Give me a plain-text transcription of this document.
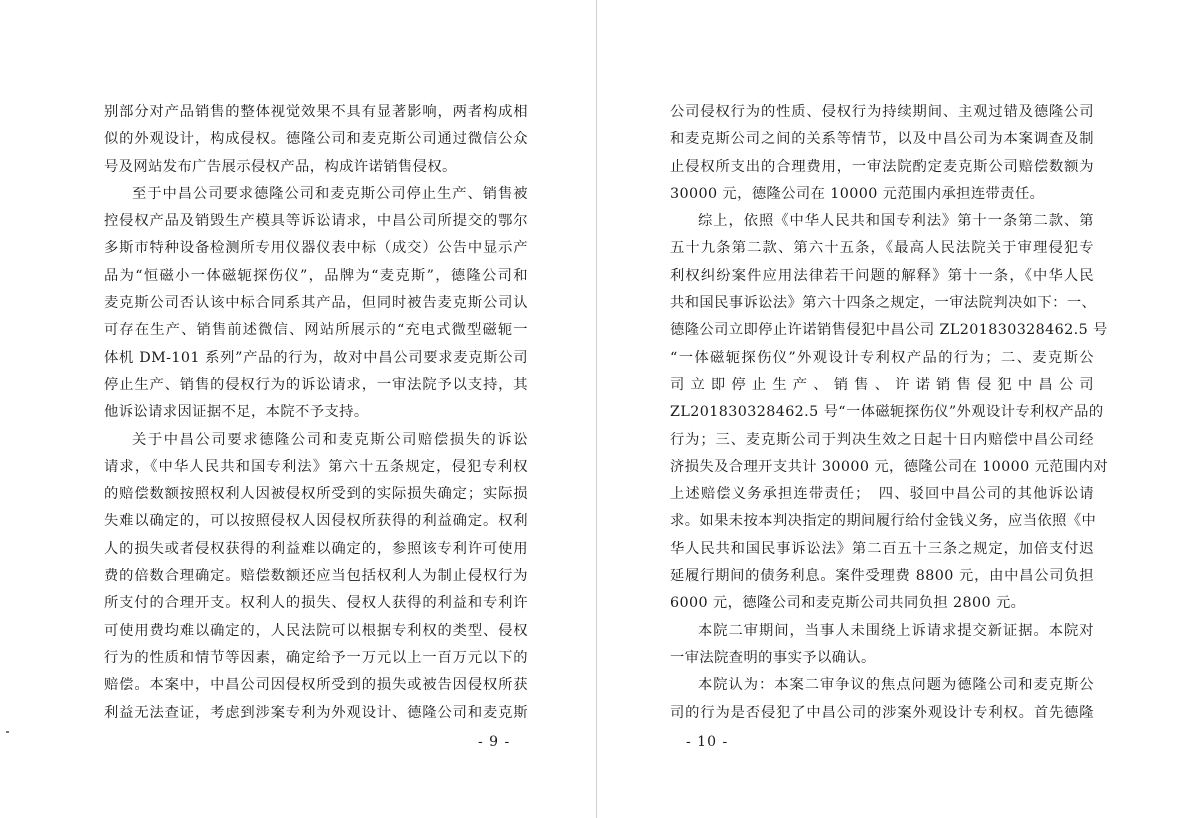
别部分对产品销售的整体视觉效果不具有显著影响，两者构成相
似的外观设计，构成侵权。德隆公司和麦克斯公司通过微信公众
号及网站发布广告展示侵权产品，构成许诺销售侵权。
至于中昌公司要求德隆公司和麦克斯公司停止生产、销售被
控侵权产品及销毁生产模具等诉讼请求，中昌公司所提交的鄂尔
多斯市特种设备检测所专用仪器仪表中标（成交）公告中显示产
品为“恒磁小一体磁轭探伤仪”，品牌为“麦克斯”，德隆公司和
麦克斯公司否认该中标合同系其产品，但同时被告麦克斯公司认
可存在生产、销售前述微信、网站所展示的“充电式微型磁轭一
体机 DM-101 系列”产品的行为，故对中昌公司要求麦克斯公司
停止生产、销售的侵权行为的诉讼请求，一审法院予以支持，其
他诉讼请求因证据不足，本院不予支持。
关于中昌公司要求德隆公司和麦克斯公司赔偿损失的诉讼
请求，《中华人民共和国专利法》第六十五条规定，侵犯专利权
的赔偿数额按照权利人因被侵权所受到的实际损失确定；实际损
失难以确定的，可以按照侵权人因侵权所获得的利益确定。权利
人的损失或者侵权获得的利益难以确定的，参照该专利许可使用
费的倍数合理确定。赔偿数额还应当包括权利人为制止侵权行为
所支付的合理开支。权利人的损失、侵权人获得的利益和专利许
可使用费均难以确定的，人民法院可以根据专利权的类型、侵权
行为的性质和情节等因素，确定给予一万元以上一百万元以下的
赔偿。本案中，中昌公司因侵权所受到的损失或被告因侵权所获
利益无法查证，考虑到涉案专利为外观设计、德隆公司和麦克斯
- 9 -
公司侵权行为的性质、侵权行为持续期间、主观过错及德隆公司
和麦克斯公司之间的关系等情节，以及中昌公司为本案调查及制
止侵权所支出的合理费用，一审法院酌定麦克斯公司赔偿数额为
30000 元，德隆公司在 10000 元范围内承担连带责任。
综上，依照《中华人民共和国专利法》第十一条第二款、第
五十九条第二款、第六十五条，《最高人民法院关于审理侵犯专
利权纠纷案件应用法律若干问题的解释》第十一条，《中华人民
共和国民事诉讼法》第六十四条之规定，一审法院判决如下：一、
德隆公司立即停止许诺销售侵犯中昌公司 ZL201830328462.5 号
“一体磁轭探伤仪”外观设计专利权产品的行为；二、麦克斯公
司立即停止生产、销售、许诺销售侵犯中昌公司
ZL201830328462.5 号“一体磁轭探伤仪”外观设计专利权产品的
行为；三、麦克斯公司于判决生效之日起十日内赔偿中昌公司经
济损失及合理开支共计 30000 元，德隆公司在 10000 元范围内对
上述赔偿义务承担连带责任；　四、驳回中昌公司的其他诉讼请
求。如果未按本判决指定的期间履行给付金钱义务，应当依照《中
华人民共和国民事诉讼法》第二百五十三条之规定，加倍支付迟
延履行期间的债务利息。案件受理费 8800 元，由中昌公司负担
6000 元，德隆公司和麦克斯公司共同负担 2800 元。
本院二审期间，当事人未围绕上诉请求提交新证据。本院对
一审法院查明的事实予以确认。
本院认为：本案二审争议的焦点问题为德隆公司和麦克斯公
司的行为是否侵犯了中昌公司的涉案外观设计专利权。首先德隆
- 10 -
